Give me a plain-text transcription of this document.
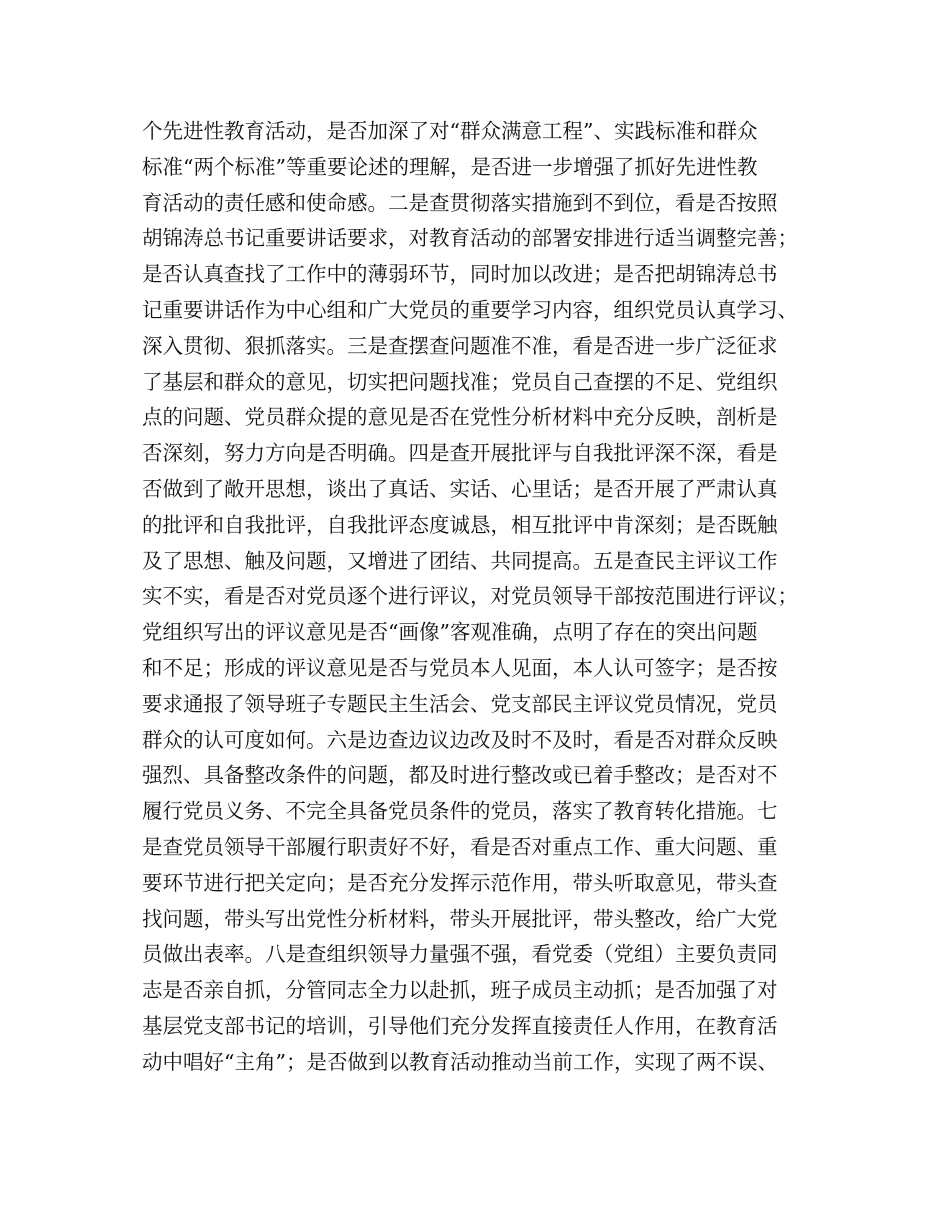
个先进性教育活动，是否加深了对“群众满意工程”、实践标准和群众
标准“两个标准”等重要论述的理解，是否进一步增强了抓好先进性教
育活动的责任感和使命感。二是查贯彻落实措施到不到位，看是否按照
胡锦涛总书记重要讲话要求，对教育活动的部署安排进行适当调整完善；
是否认真查找了工作中的薄弱环节，同时加以改进；是否把胡锦涛总书
记重要讲话作为中心组和广大党员的重要学习内容，组织党员认真学习、
深入贯彻、狠抓落实。三是查摆查问题准不准，看是否进一步广泛征求
了基层和群众的意见，切实把问题找准；党员自己查摆的不足、党组织
点的问题、党员群众提的意见是否在党性分析材料中充分反映，剖析是
否深刻，努力方向是否明确。四是查开展批评与自我批评深不深，看是
否做到了敞开思想，谈出了真话、实话、心里话；是否开展了严肃认真
的批评和自我批评，自我批评态度诚恳，相互批评中肯深刻；是否既触
及了思想、触及问题，又增进了团结、共同提高。五是查民主评议工作
实不实，看是否对党员逐个进行评议，对党员领导干部按范围进行评议；
党组织写出的评议意见是否“画像”客观准确，点明了存在的突出问题
和不足；形成的评议意见是否与党员本人见面，本人认可签字；是否按
要求通报了领导班子专题民主生活会、党支部民主评议党员情况，党员
群众的认可度如何。六是边查边议边改及时不及时，看是否对群众反映
强烈、具备整改条件的问题，都及时进行整改或已着手整改；是否对不
履行党员义务、不完全具备党员条件的党员，落实了教育转化措施。七
是查党员领导干部履行职责好不好，看是否对重点工作、重大问题、重
要环节进行把关定向；是否充分发挥示范作用，带头听取意见，带头查
找问题，带头写出党性分析材料，带头开展批评，带头整改，给广大党
员做出表率。八是查组织领导力量强不强，看党委（党组）主要负责同
志是否亲自抓，分管同志全力以赴抓，班子成员主动抓；是否加强了对
基层党支部书记的培训，引导他们充分发挥直接责任人作用，在教育活
动中唱好“主角”；是否做到以教育活动推动当前工作，实现了两不误、
